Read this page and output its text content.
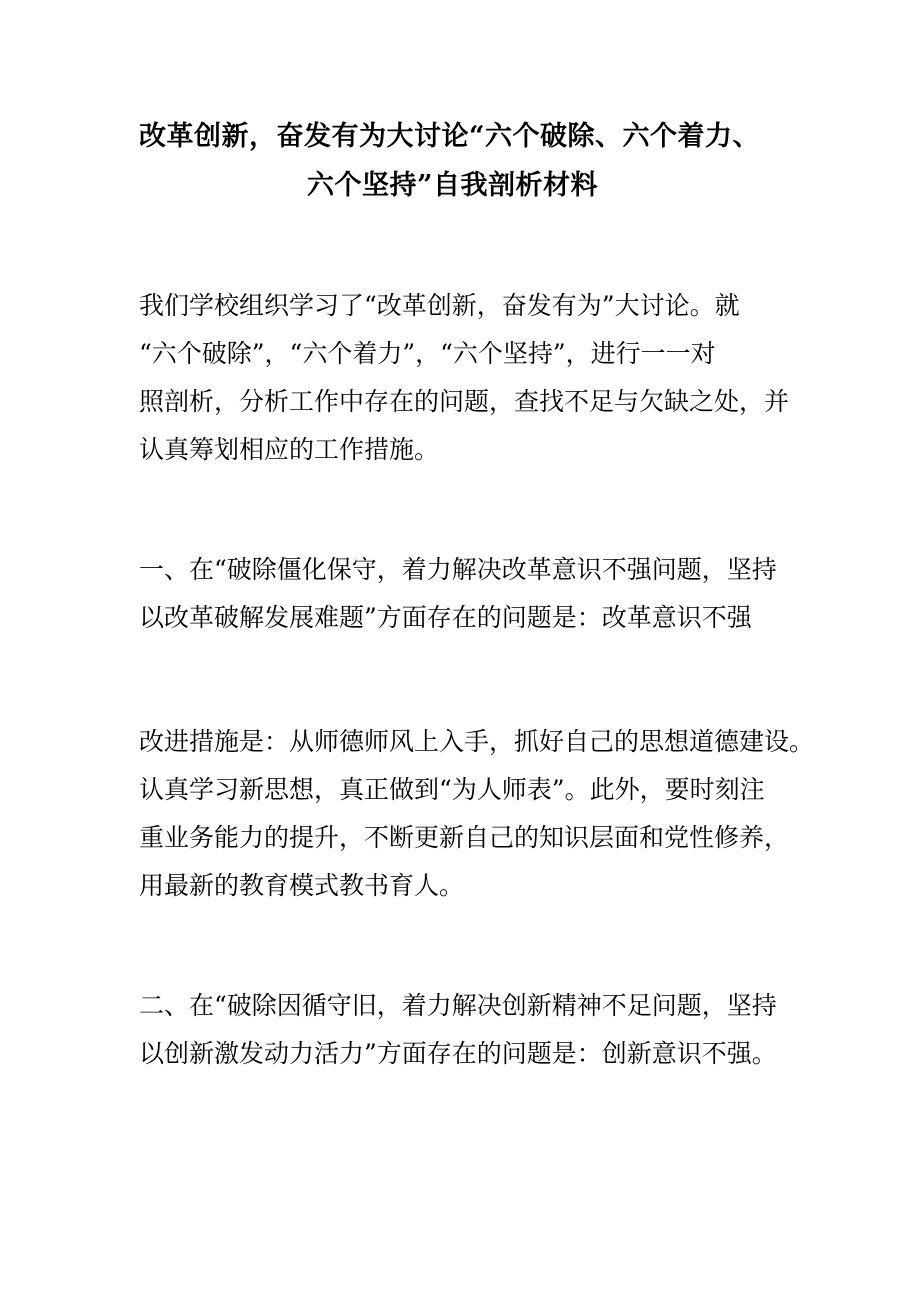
改革创新，奋发有为大讨论“六个破除、六个着力、
六个坚持”自我剖析材料
我们学校组织学习了“改革创新，奋发有为”大讨论。就
“六个破除”，“六个着力”，“六个坚持”，进行一一对
照剖析，分析工作中存在的问题，查找不足与欠缺之处，并
认真筹划相应的工作措施。
一、在“破除僵化保守，着力解决改革意识不强问题，坚持
以改革破解发展难题”方面存在的问题是：改革意识不强
改进措施是：从师德师风上入手，抓好自己的思想道德建设。
认真学习新思想，真正做到“为人师表”。此外，要时刻注
重业务能力的提升，不断更新自己的知识层面和党性修养，
用最新的教育模式教书育人。
二、在“破除因循守旧，着力解决创新精神不足问题，坚持
以创新激发动力活力”方面存在的问题是：创新意识不强。
